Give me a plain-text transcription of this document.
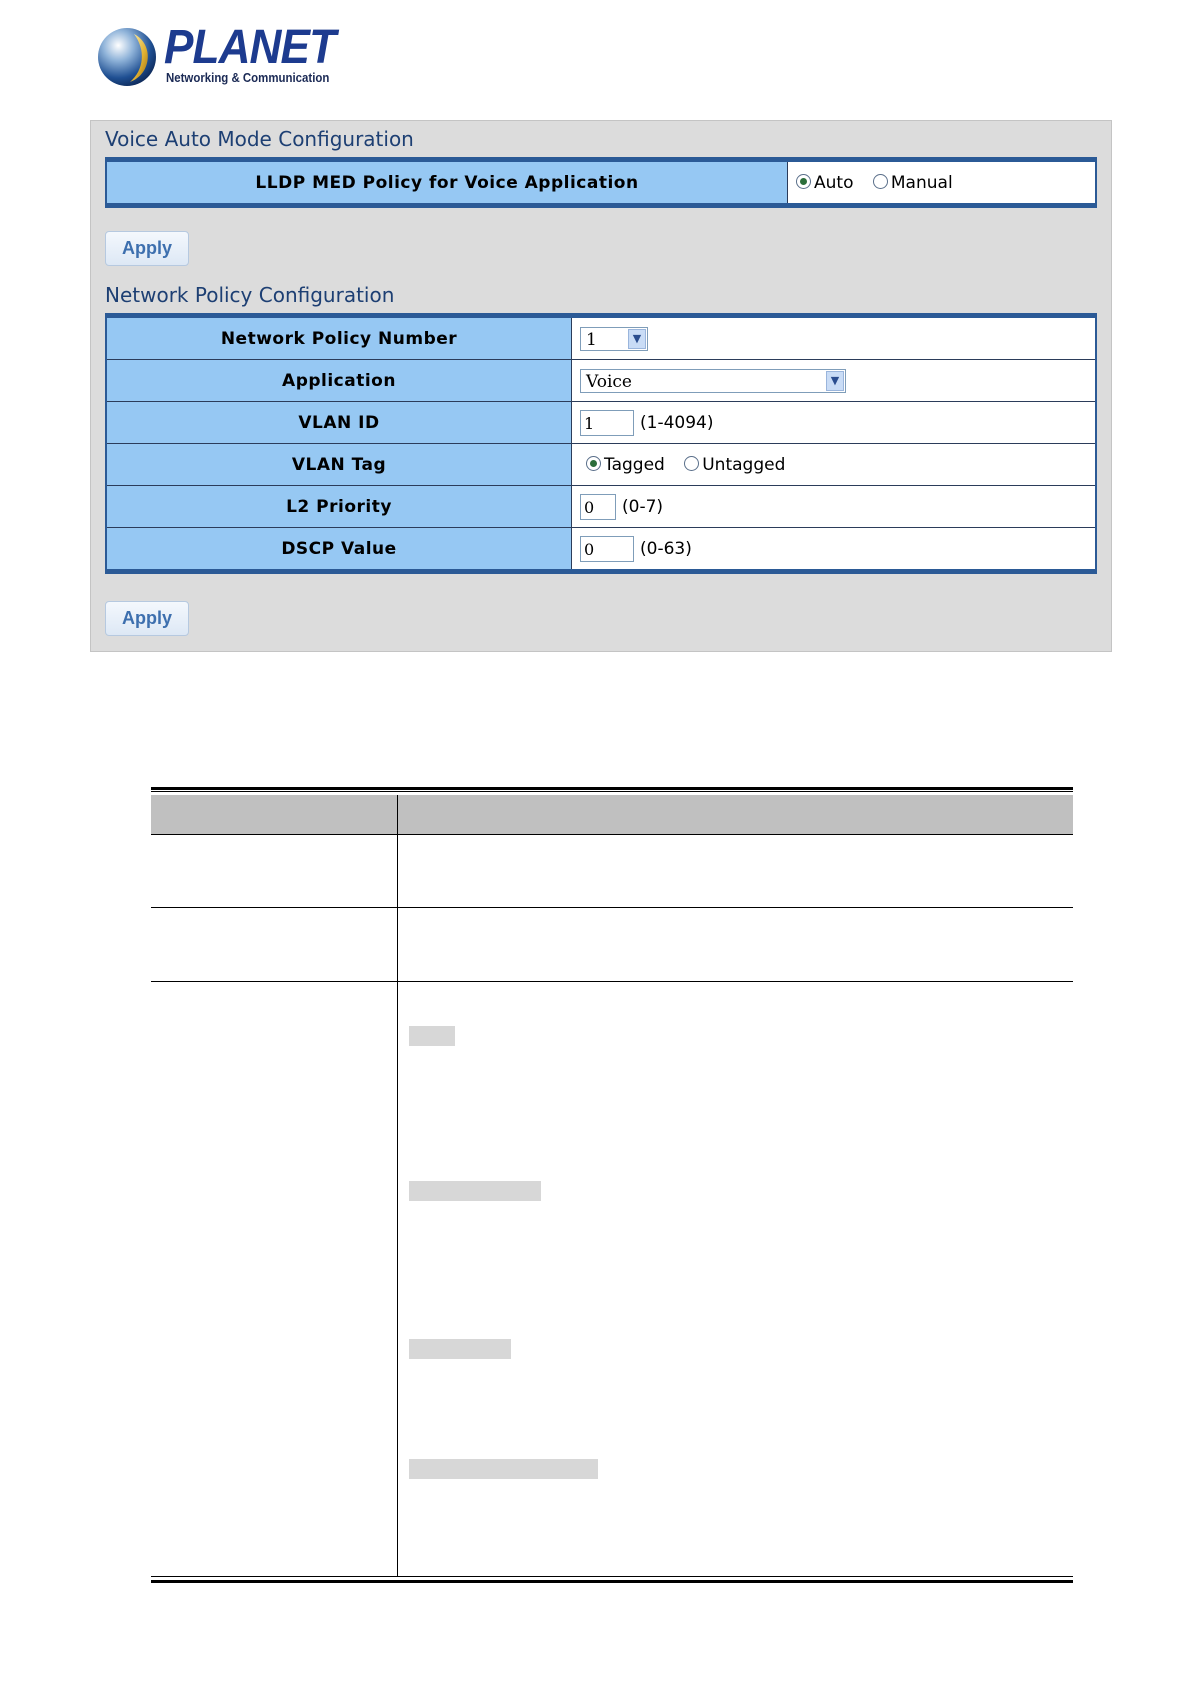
PLANET
Networking & Communication
Voice Auto Mode Configuration
LLDP MED Policy for Voice Application	Auto Manual
Apply
Network Policy Configuration
Network Policy Number	1 ▼

Application	Voice ▼

VLAN ID	1 (1-4094)
VLAN Tag	Tagged Untagged
L2 Priority	0 (0-7)
DSCP Value	0 (0-63)
Apply
